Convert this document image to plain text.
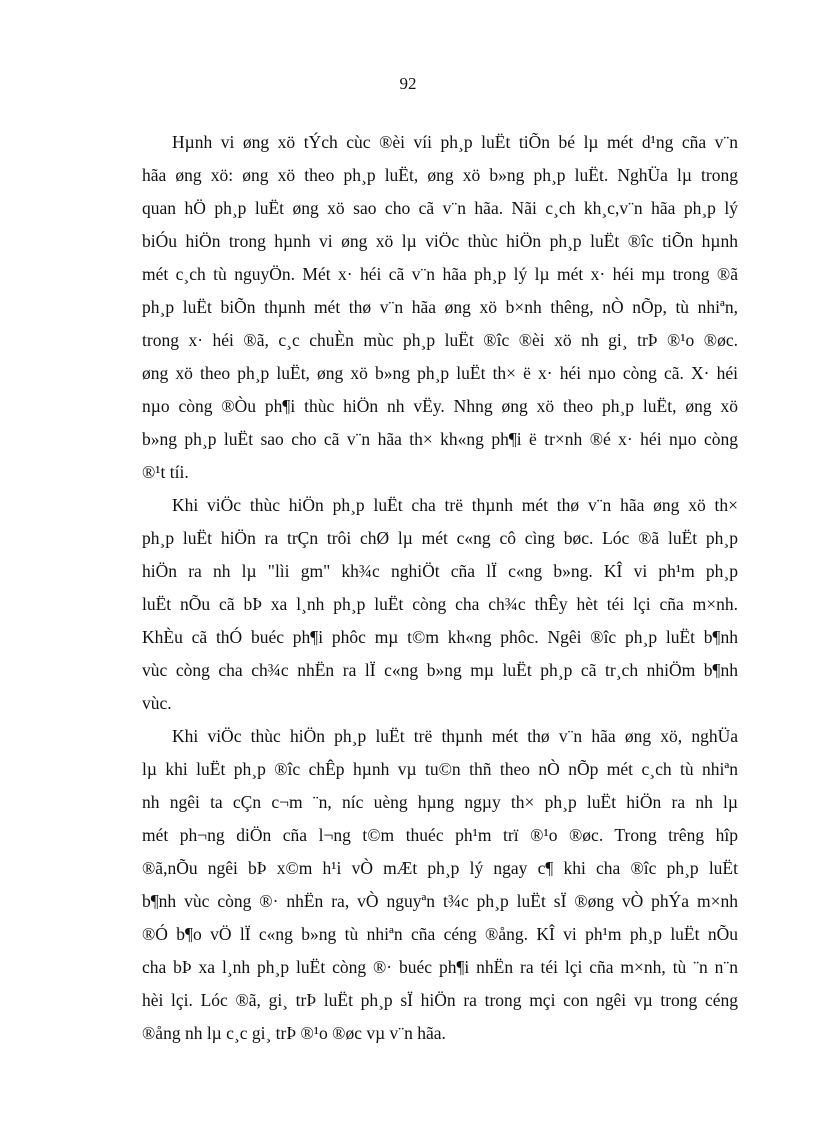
92
Hµnh vi øng xö tÝch cùc ®èi víi ph¸p luËt tiÕn bé lµ mét d¹ng cña v¨n
hãa øng xö: øng xö theo ph¸p luËt, øng xö b»ng ph¸p luËt. NghÜa lµ trong
quan hÖ ph¸p luËt øng xö sao cho cã v¨n hãa. Nãi c¸ch kh¸c,v¨n hãa ph¸p lý
biÓu hiÖn trong hµnh vi øng xö lµ viÖc thùc hiÖn ph¸p luËt ®îc tiÕn hµnh
mét c¸ch tù nguyÖn. Mét x· héi cã v¨n hãa ph¸p lý lµ mét x· héi mµ trong ®ã
ph¸p luËt biÕn thµnh mét thø v¨n hãa øng xö b×nh thêng, nÒ nÕp, tù nhiªn,
trong x· héi ®ã, c¸c chuÈn mùc ph¸p luËt ®îc ®èi xö nh gi¸ trÞ ®¹o ®øc.
øng xö theo ph¸p luËt, øng xö b»ng ph¸p luËt th× ë x· héi nµo còng cã. X· héi
nµo còng ®Òu ph¶i thùc hiÖn nh vËy. Nhng øng xö theo ph¸p luËt, øng xö
b»ng ph¸p luËt sao cho cã v¨n hãa th× kh«ng ph¶i ë tr×nh ®é x· héi nµo còng
®¹t tíi.
Khi viÖc thùc hiÖn ph¸p luËt cha trë thµnh mét thø v¨n hãa øng xö th×
ph¸p luËt hiÖn ra trÇn trôi chØ lµ mét c«ng cô cìng bøc. Lóc ®ã luËt ph¸p
hiÖn ra nh lµ "lìi gm" kh¾c nghiÖt cña lÏ c«ng b»ng. KÎ vi ph¹m ph¸p
luËt nÕu cã bÞ xa l¸nh ph¸p luËt còng cha ch¾c thÊy hèt téi lçi cña m×nh.
KhÈu cã thÓ buéc ph¶i phôc mµ t©m kh«ng phôc. Ngêi ®îc ph¸p luËt b¶nh
vùc còng cha ch¾c nhËn ra lÏ c«ng b»ng mµ luËt ph¸p cã tr¸ch nhiÖm b¶nh
vùc.
Khi viÖc thùc hiÖn ph¸p luËt trë thµnh mét thø v¨n hãa øng xö, nghÜa
lµ khi luËt ph¸p ®îc chÊp hµnh vµ tu©n thñ theo nÒ nÕp mét c¸ch tù nhiªn
nh ngêi ta cÇn c¬m ¨n, níc uèng hµng ngµy th× ph¸p luËt hiÖn ra nh lµ
mét ph¬ng diÖn cña l¬ng t©m thuéc ph¹m trï ®¹o ®øc. Trong trêng hîp
®ã,nÕu ngêi bÞ x©m h¹i vÒ mÆt ph¸p lý ngay c¶ khi cha ®îc ph¸p luËt
b¶nh vùc còng ®· nhËn ra, vÒ nguyªn t¾c ph¸p luËt sÏ ®øng vÒ phÝa m×nh
®Ó b¶o vÖ lÏ c«ng b»ng tù nhiªn cña céng ®ång. KÎ vi ph¹m ph¸p luËt nÕu
cha bÞ xa l¸nh ph¸p luËt còng ®· buéc ph¶i nhËn ra téi lçi cña m×nh, tù ¨n n¨n
hèi lçi. Lóc ®ã, gi¸ trÞ luËt ph¸p sÏ hiÖn ra trong mçi con ngêi vµ trong céng
®ång nh lµ c¸c gi¸ trÞ ®¹o ®øc vµ v¨n hãa.
